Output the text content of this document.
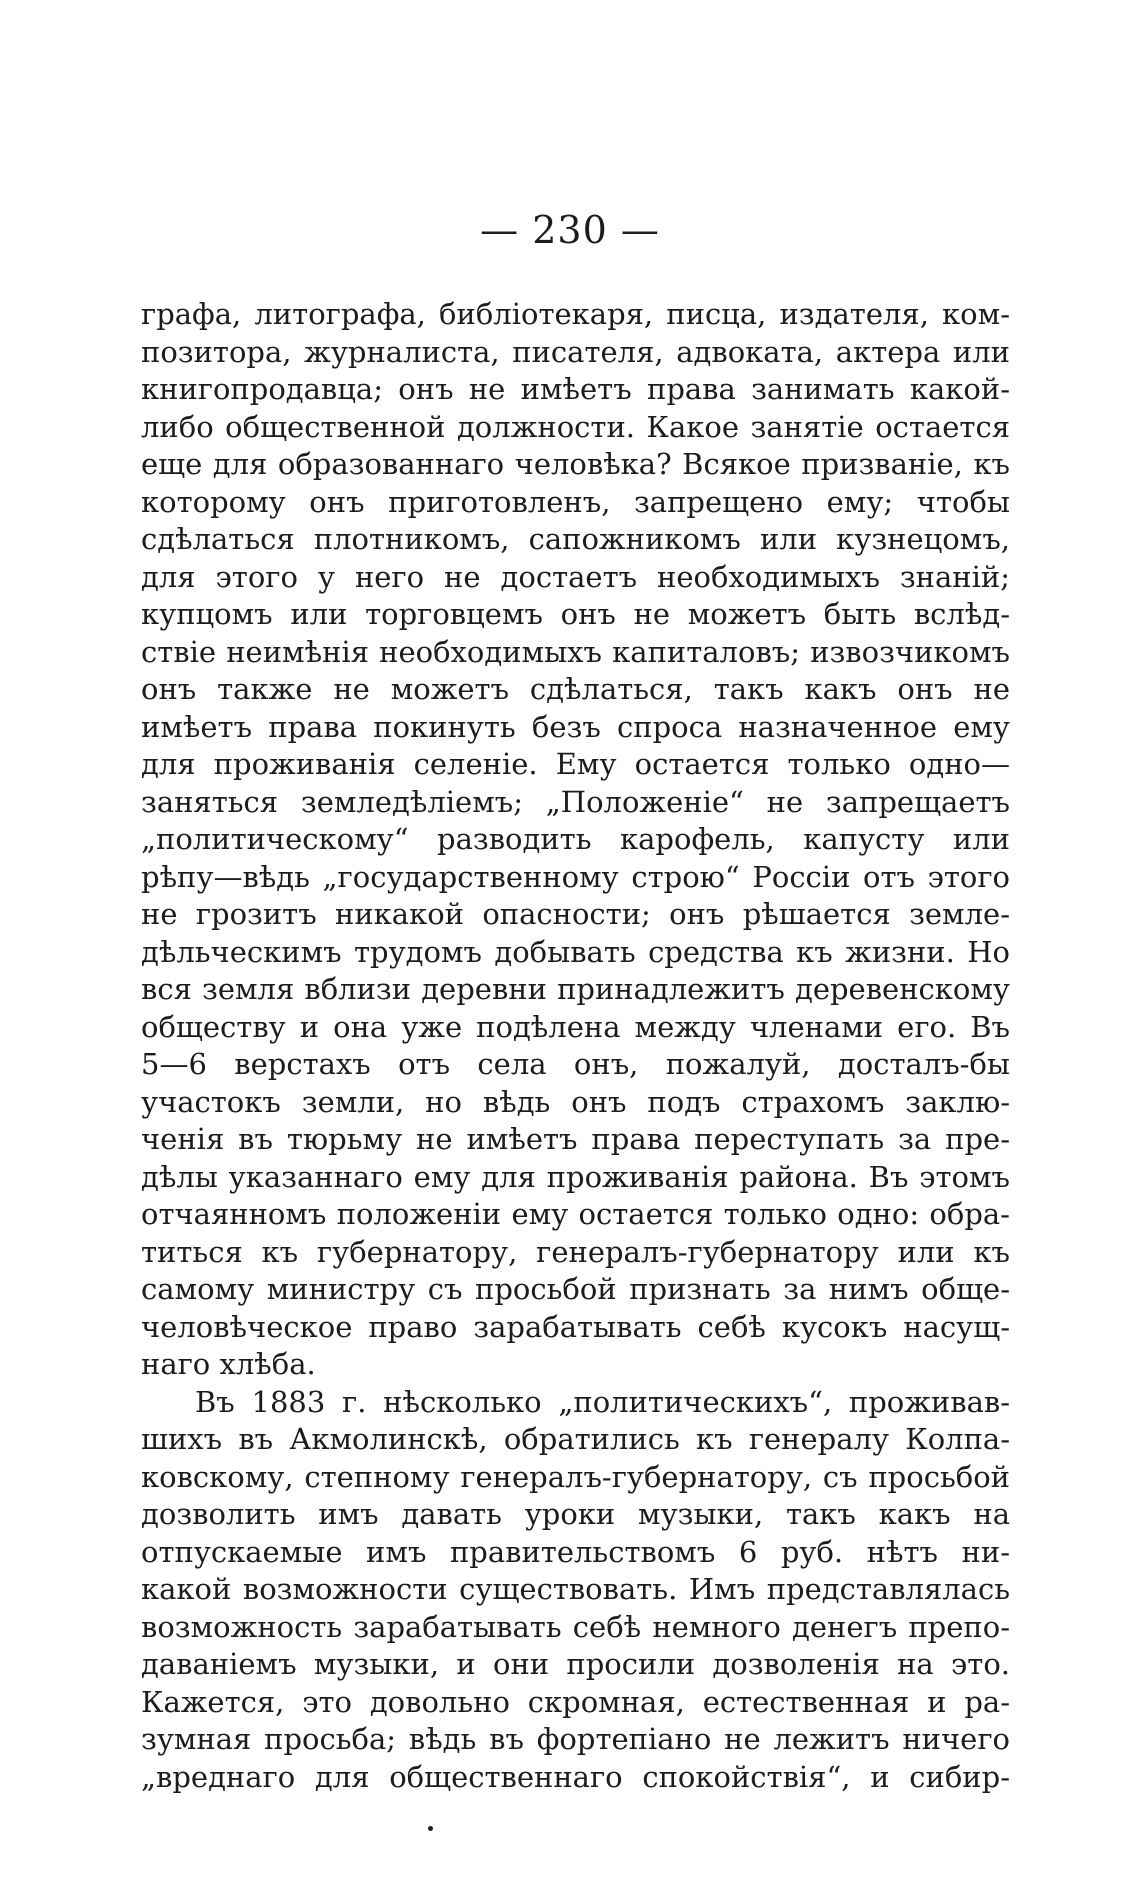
— 230 —
графа, литографа, библiотекаря, писца, издателя, ком-
позитора, журналиста, писателя, адвоката, актера или
книгопродавца; онъ не имѣетъ права занимать какой-
либо общественной должности. Какое занятiе остается
еще для образованнаго человѣка? Всякое призванiе, къ
которому онъ приготовленъ, запрещено ему; чтобы
сдѣлаться плотникомъ, сапожникомъ или кузнецомъ,
для этого у него не достаетъ необходимыхъ знанiй;
купцомъ или торговцемъ онъ не можетъ быть вслѣд-
ствiе неимѣнiя необходимыхъ капиталовъ; извозчикомъ
онъ также не можетъ сдѣлаться, такъ какъ онъ не
имѣетъ права покинуть безъ спроса назначенное ему
для проживанiя селенiе. Ему остается только одно—
заняться земледѣлiемъ; „Положенiе“ не запрещаетъ
„политическому“ разводить карофель, капусту или
рѣпу—вѣдь „государственному строю“ Россiи отъ этого
не грозитъ никакой опасности; онъ рѣшается земле-
дѣльческимъ трудомъ добывать средства къ жизни. Но
вся земля вблизи деревни принадлежитъ деревенскому
обществу и она уже подѣлена между членами его. Въ
5—6 верстахъ отъ села онъ, пожалуй, досталъ-бы
участокъ земли, но вѣдь онъ подъ страхомъ заклю-
ченiя въ тюрьму не имѣетъ права переступать за пре-
дѣлы указаннаго ему для проживанiя района. Въ этомъ
отчаянномъ положенiи ему остается только одно: обра-
титься къ губернатору, генералъ-губернатору или къ
самому министру съ просьбой признать за нимъ обще-
человѣческое право зарабатывать себѣ кусокъ насущ-
наго хлѣба.
Въ 1883 г. нѣсколько „политическихъ“, проживав-
шихъ въ Акмолинскѣ, обратились къ генералу Колпа-
ковскому, степному генералъ-губернатору, съ просьбой
дозволить имъ давать уроки музыки, такъ какъ на
отпускаемые имъ правительствомъ 6 руб. нѣтъ ни-
какой возможности существовать. Имъ представлялась
возможность зарабатывать себѣ немного денегъ препо-
даванiемъ музыки, и они просили дозволенiя на это.
Кажется, это довольно скромная, естественная и ра-
зумная просьба; вѣдь въ фортепiано не лежитъ ничего
„вреднаго для общественнаго спокойствiя“, и сибир-
